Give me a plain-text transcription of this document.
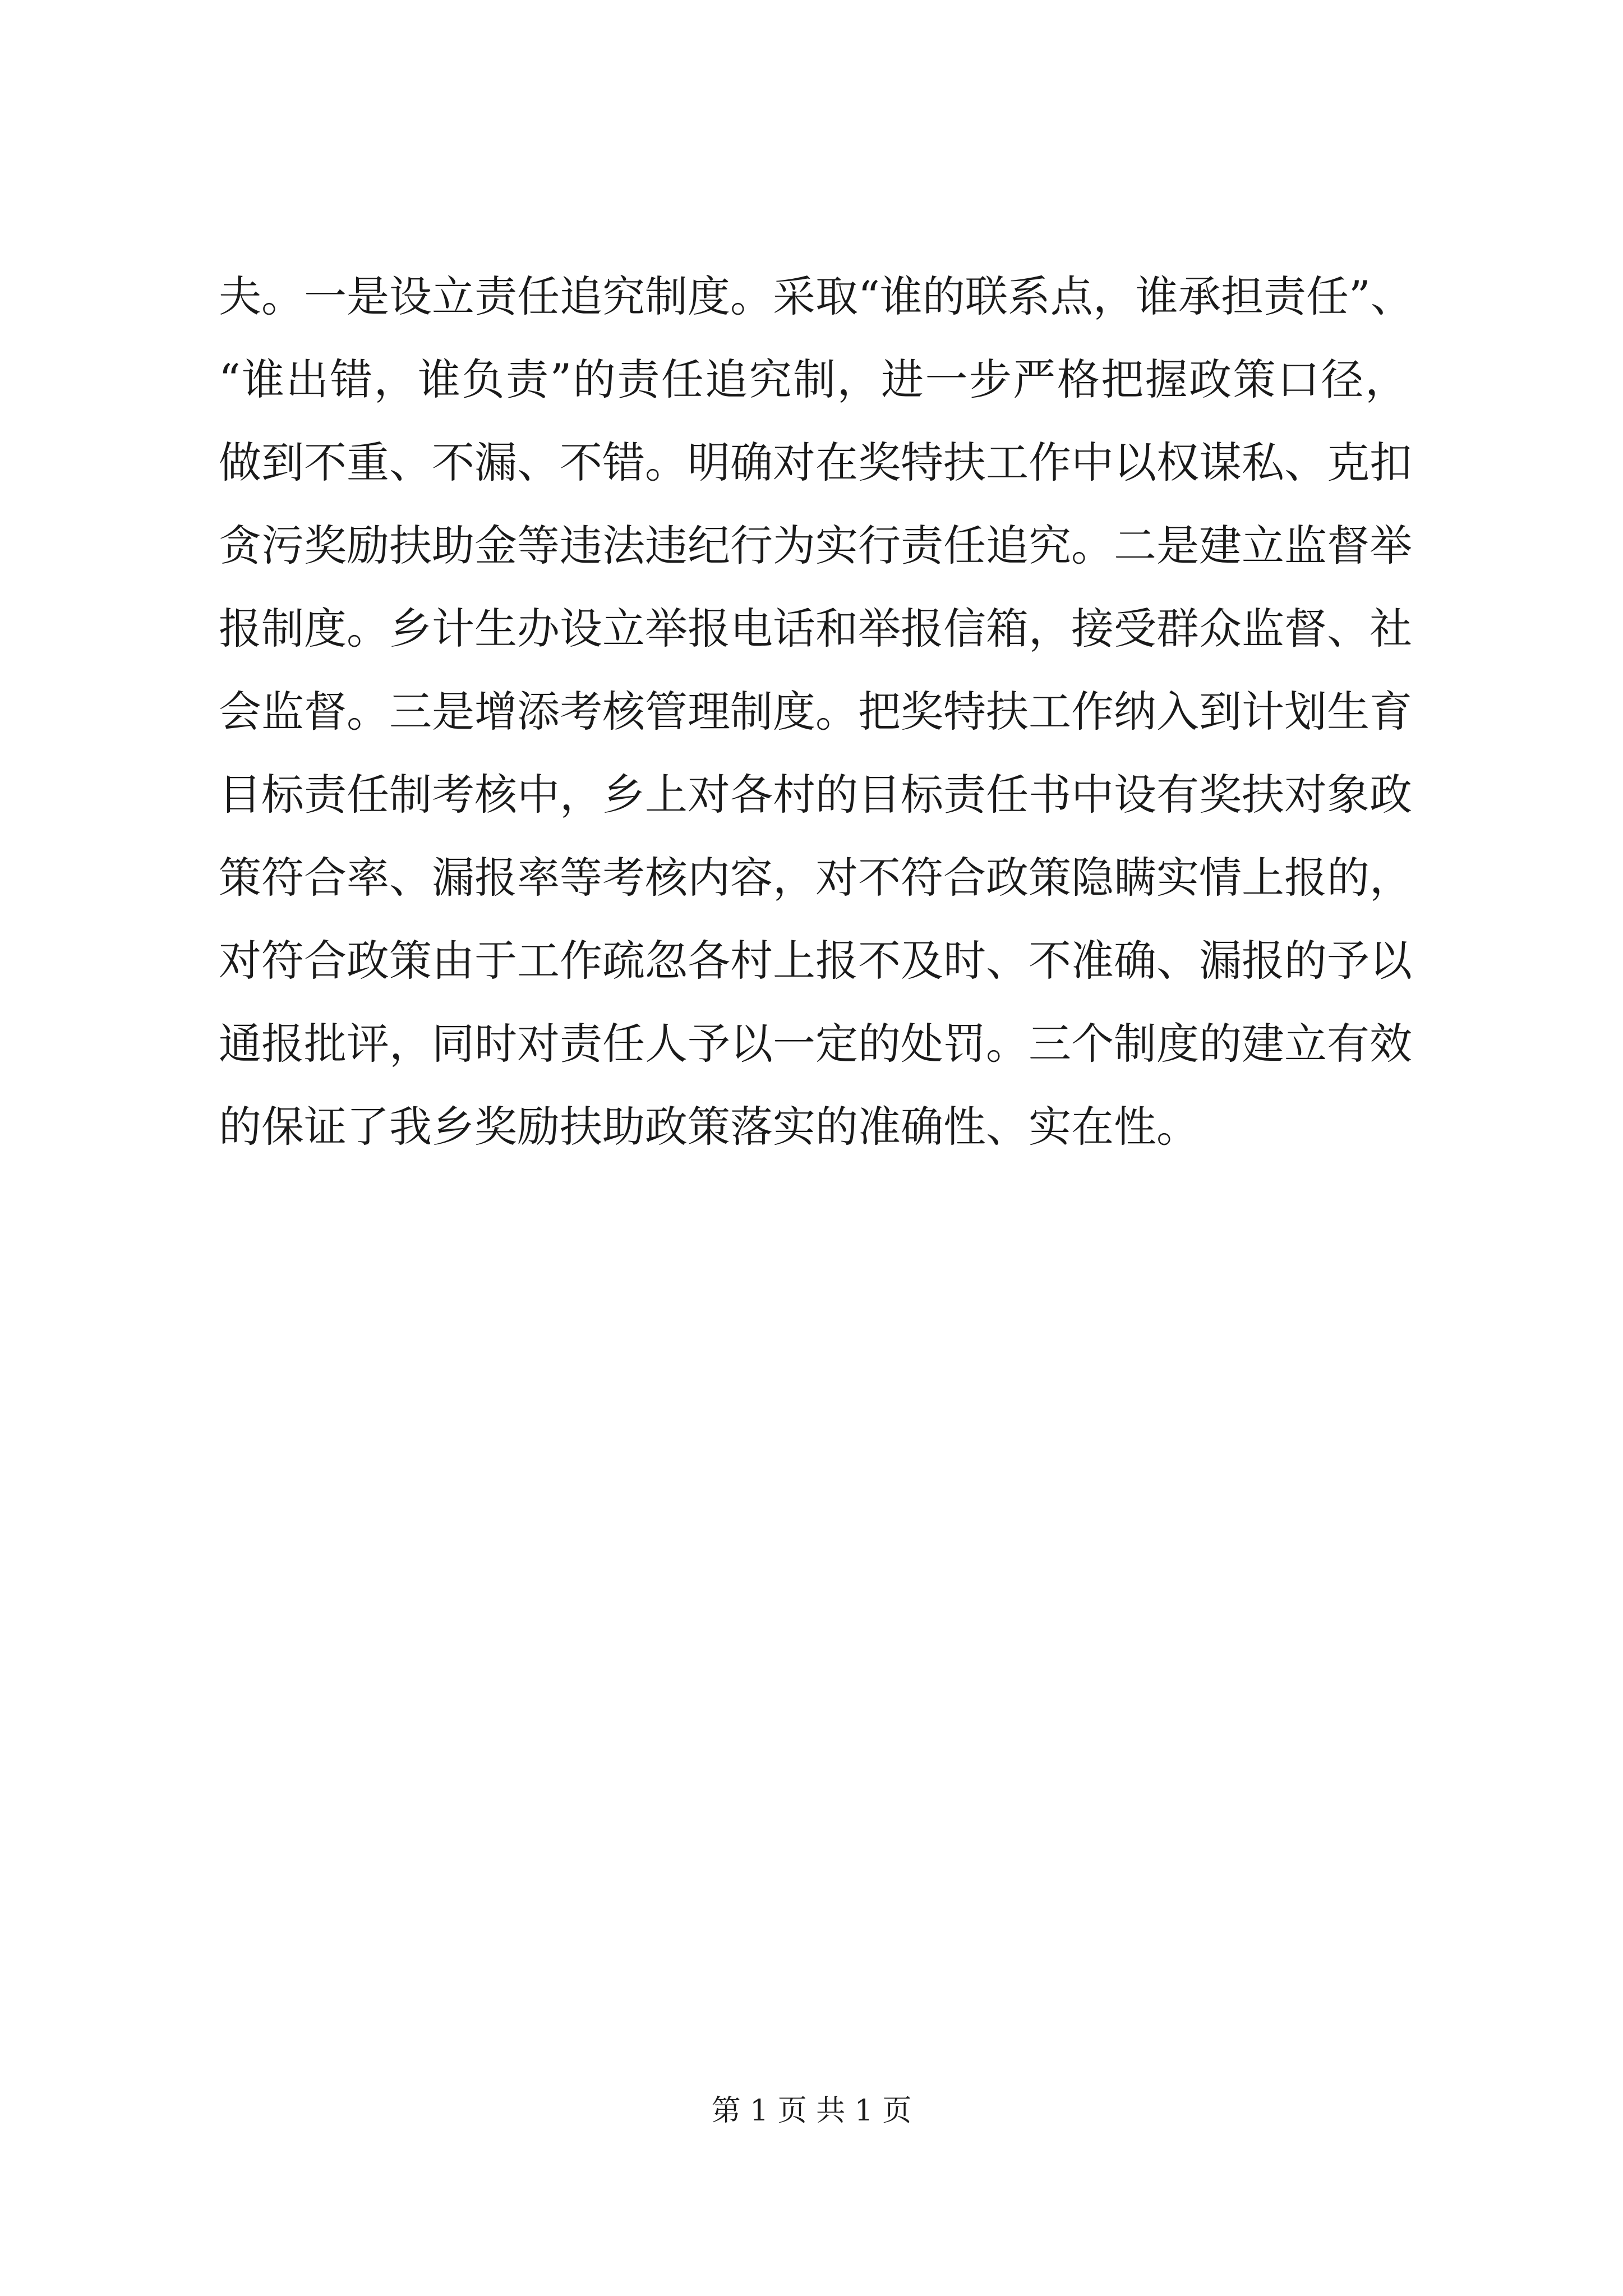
夫。一是设立责任追究制度。采取“谁的联系点，谁承担责任”、
“谁出错，谁负责”的责任追究制，进一步严格把握政策口径，
做到不重、不漏、不错。明确对在奖特扶工作中以权谋私、克扣
贪污奖励扶助金等违法违纪行为实行责任追究。二是建立监督举
报制度。乡计生办设立举报电话和举报信箱，接受群众监督、社
会监督。三是增添考核管理制度。把奖特扶工作纳入到计划生育
目标责任制考核中，乡上对各村的目标责任书中设有奖扶对象政
策符合率、漏报率等考核内容，对不符合政策隐瞒实情上报的，
对符合政策由于工作疏忽各村上报不及时、不准确、漏报的予以
通报批评，同时对责任人予以一定的处罚。三个制度的建立有效
的保证了我乡奖励扶助政策落实的准确性、实在性。
第 1 页 共 1 页
